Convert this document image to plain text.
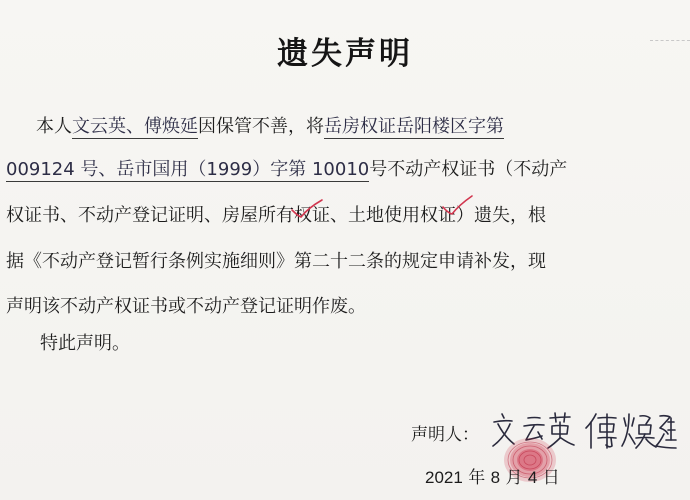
遗失声明
本人文云英、傅焕延因保管不善，将岳房权证岳阳楼区字第
009124 号、岳市国用（1999）字第 10010号不动产权证书（不动产
权证书、不动产登记证明、房屋所有权证、土地使用权证）遗失，根
据《不动产登记暂行条例实施细则》第二十二条的规定申请补发，现
声明该不动产权证书或不动产登记证明作废。
特此声明。
声明人：
2021 年 8 月 4 日
